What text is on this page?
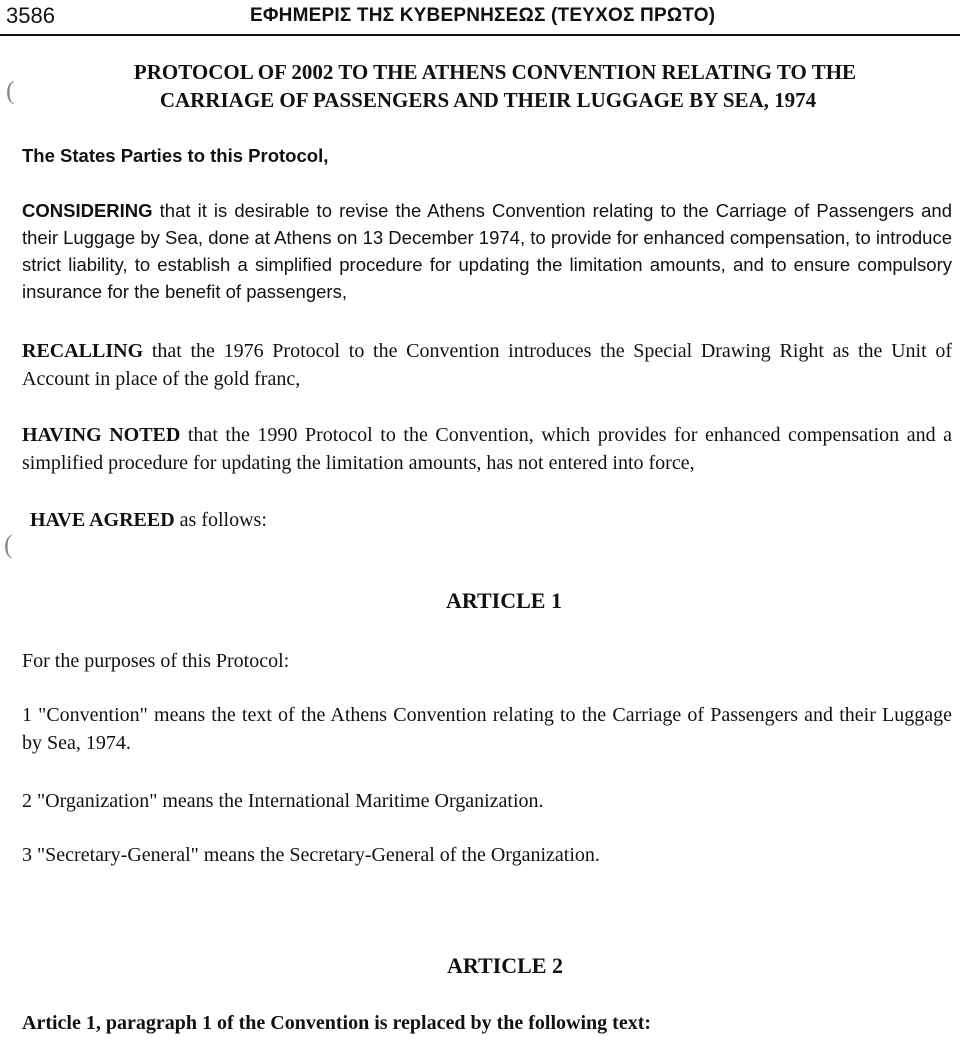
3586	ΕΦΗΜΕΡΙΣ ΤΗΣ ΚΥΒΕΡΝΗΣΕΩΣ (ΤΕΥΧΟΣ ΠΡΩΤΟ)
(
PROTOCOL OF 2002 TO THE ATHENS CONVENTION RELATING TO THE
CARRIAGE OF PASSENGERS AND THEIR LUGGAGE BY SEA, 1974
The States Parties to this Protocol,
CONSIDERING that it is desirable to revise the Athens Convention relating to the Carriage of Passengers and their Luggage by Sea, done at Athens on 13 December 1974, to provide for enhanced compensation, to introduce strict liability, to establish a simplified procedure for updating the limitation amounts, and to ensure compulsory insurance for the benefit of passengers,
RECALLING that the 1976 Protocol to the Convention introduces the Special Drawing Right as the Unit of Account in place of the gold franc,
HAVING NOTED that the 1990 Protocol to the Convention, which provides for enhanced compensation and a simplified procedure for updating the limitation amounts, has not entered into force,
(
HAVE AGREED as follows:
ARTICLE 1
For the purposes of this Protocol:
1 "Convention" means the text of the Athens Convention relating to the Carriage of Passengers and their Luggage by Sea, 1974.
2 "Organization" means the International Maritime Organization.
3 "Secretary-General" means the Secretary-General of the Organization.
ARTICLE 2
Article 1, paragraph 1 of the Convention is replaced by the following text:
